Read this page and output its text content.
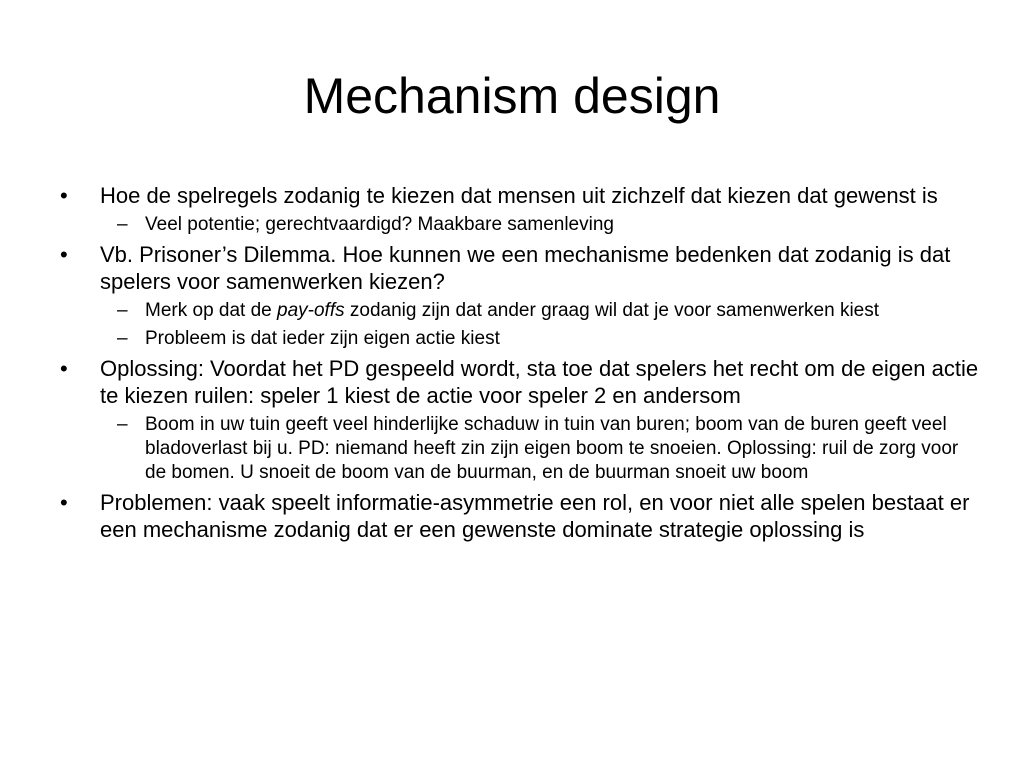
Mechanism design
•	Hoe de spelregels zodanig te kiezen dat mensen uit zichzelf dat kiezen dat gewenst is
– Veel potentie; gerechtvaardigd? Maakbare samenleving
•	Vb. Prisoner’s Dilemma. Hoe kunnen we een mechanisme bedenken dat zodanig is dat spelers voor samenwerken kiezen?
– Merk op dat de pay-offs zodanig zijn dat ander graag wil dat je voor samenwerken kiest
– Probleem is dat ieder zijn eigen actie kiest
•	Oplossing: Voordat het PD gespeeld wordt, sta toe dat spelers het recht om de eigen actie te kiezen ruilen: speler 1 kiest de actie voor speler 2 en andersom
– Boom in uw tuin geeft veel hinderlijke schaduw in tuin van buren; boom van de buren geeft veel bladoverlast bij u. PD: niemand heeft zin zijn eigen boom te snoeien. Oplossing: ruil de zorg voor de bomen. U snoeit de boom van de buurman, en de buurman snoeit uw boom
•	Problemen: vaak speelt informatie-asymmetrie een rol, en voor niet alle spelen bestaat er een mechanisme zodanig dat er een gewenste dominate strategie oplossing is
